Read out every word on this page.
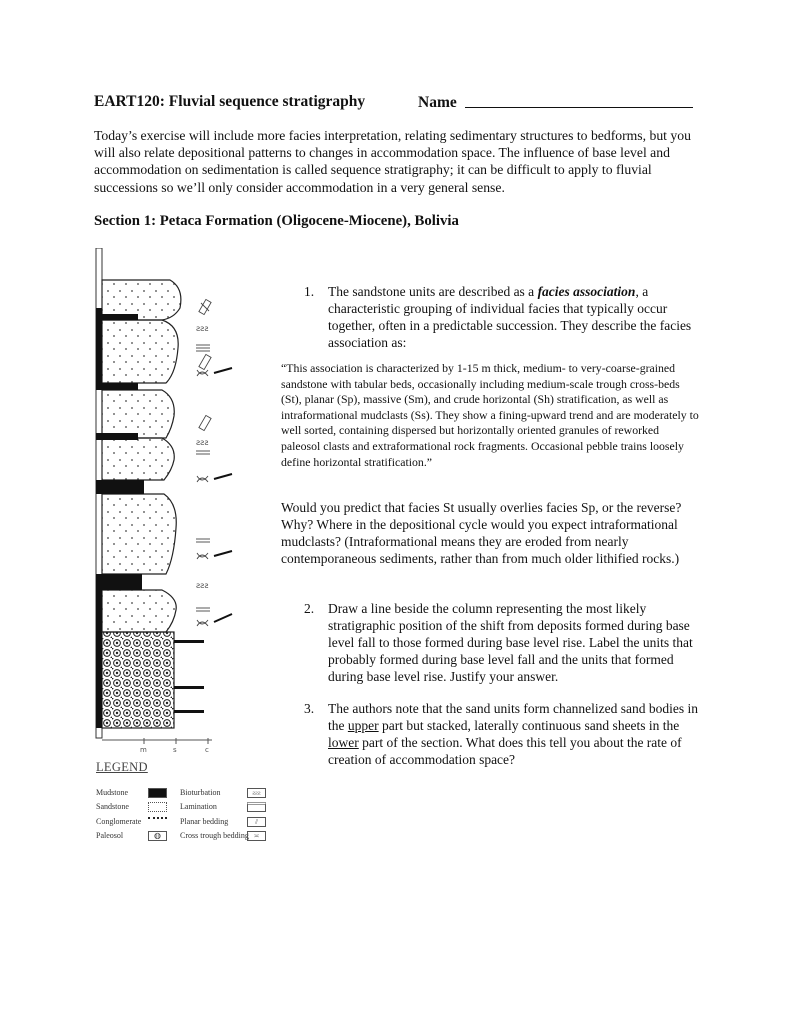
EART120: Fluvial sequence stratigraphy	Name
Today’s exercise will include more facies interpretation, relating sedimentary structures to bedforms, but you will also relate depositional patterns to changes in accommodation space. The influence of base level and accommodation on sedimentation is called sequence stratigraphy; it can be difficult to apply to fluvial successions so we’ll only consider accommodation in a very general sense.
Section 1: Petaca Formation (Oligocene-Miocene), Bolivia
ƨƨƨ
ƨƨƨ
ƨƨƨ
m	s	c
LEGEND
Mudstone
Sandstone
Conglomerate
Paleosol	◍
Bioturbation	ƨƨƨ
Lamination
Planar bedding	⫽
Cross trough bedding ≍
1. The sandstone units are described as a facies association, a characteristic grouping of individual facies that typically occur together, often in a predictable succession. They describe the facies association as:
“This association is characterized by 1-15 m thick, medium- to very-coarse-grained sandstone with tabular beds, occasionally including medium-scale trough cross-beds (St), planar (Sp), massive (Sm), and crude horizontal (Sh) stratification, as well as intraformational mudclasts (Ss). They show a fining-upward trend and are moderately to well sorted, containing dispersed but horizontally oriented granules of reworked paleosol clasts and extraformational rock fragments. Occasional pebble trains loosely define horizontal stratification.”
Would you predict that facies St usually overlies facies Sp, or the reverse? Why? Where in the depositional cycle would you expect intraformational mudclasts? (Intraformational means they are eroded from nearly contemporaneous sediments, rather than from much older lithified rocks.)
2. Draw a line beside the column representing the most likely stratigraphic position of the shift from deposits formed during base level fall to those formed during base level rise. Label the units that probably formed during base level fall and the units that formed during base level rise. Justify your answer.
3. The authors note that the sand units form channelized sand bodies in the upper part but stacked, laterally continuous sand sheets in the lower part of the section. What does this tell you about the rate of creation of accommodation space?
